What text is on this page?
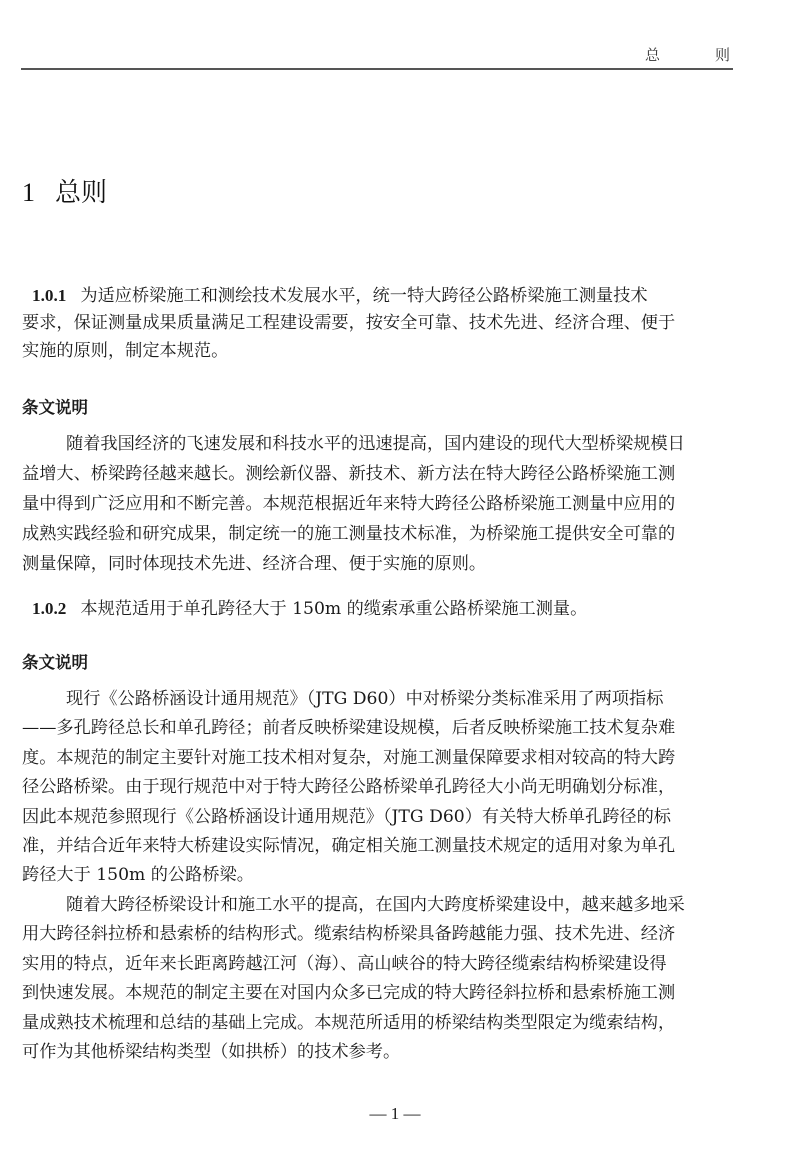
总　则
1 总则
1.0.1 为适应桥梁施工和测绘技术发展水平，统一特大跨径公路桥梁施工测量技术
要求，保证测量成果质量满足工程建设需要，按安全可靠、技术先进、经济合理、便于
实施的原则，制定本规范。
条文说明
随着我国经济的飞速发展和科技水平的迅速提高，国内建设的现代大型桥梁规模日
益增大、桥梁跨径越来越长。测绘新仪器、新技术、新方法在特大跨径公路桥梁施工测
量中得到广泛应用和不断完善。本规范根据近年来特大跨径公路桥梁施工测量中应用的
成熟实践经验和研究成果，制定统一的施工测量技术标准，为桥梁施工提供安全可靠的
测量保障，同时体现技术先进、经济合理、便于实施的原则。
1.0.2 本规范适用于单孔跨径大于 150m 的缆索承重公路桥梁施工测量。
条文说明
现行《公路桥涵设计通用规范》（JTG D60）中对桥梁分类标准采用了两项指标
——多孔跨径总长和单孔跨径；前者反映桥梁建设规模，后者反映桥梁施工技术复杂难
度。本规范的制定主要针对施工技术相对复杂，对施工测量保障要求相对较高的特大跨
径公路桥梁。由于现行规范中对于特大跨径公路桥梁单孔跨径大小尚无明确划分标准，
因此本规范参照现行《公路桥涵设计通用规范》（JTG D60）有关特大桥单孔跨径的标
准，并结合近年来特大桥建设实际情况，确定相关施工测量技术规定的适用对象为单孔
跨径大于 150m 的公路桥梁。
随着大跨径桥梁设计和施工水平的提高，在国内大跨度桥梁建设中，越来越多地采
用大跨径斜拉桥和悬索桥的结构形式。缆索结构桥梁具备跨越能力强、技术先进、经济
实用的特点，近年来长距离跨越江河（海）、高山峡谷的特大跨径缆索结构桥梁建设得
到快速发展。本规范的制定主要在对国内众多已完成的特大跨径斜拉桥和悬索桥施工测
量成熟技术梳理和总结的基础上完成。本规范所适用的桥梁结构类型限定为缆索结构，
可作为其他桥梁结构类型（如拱桥）的技术参考。
— 1 —
